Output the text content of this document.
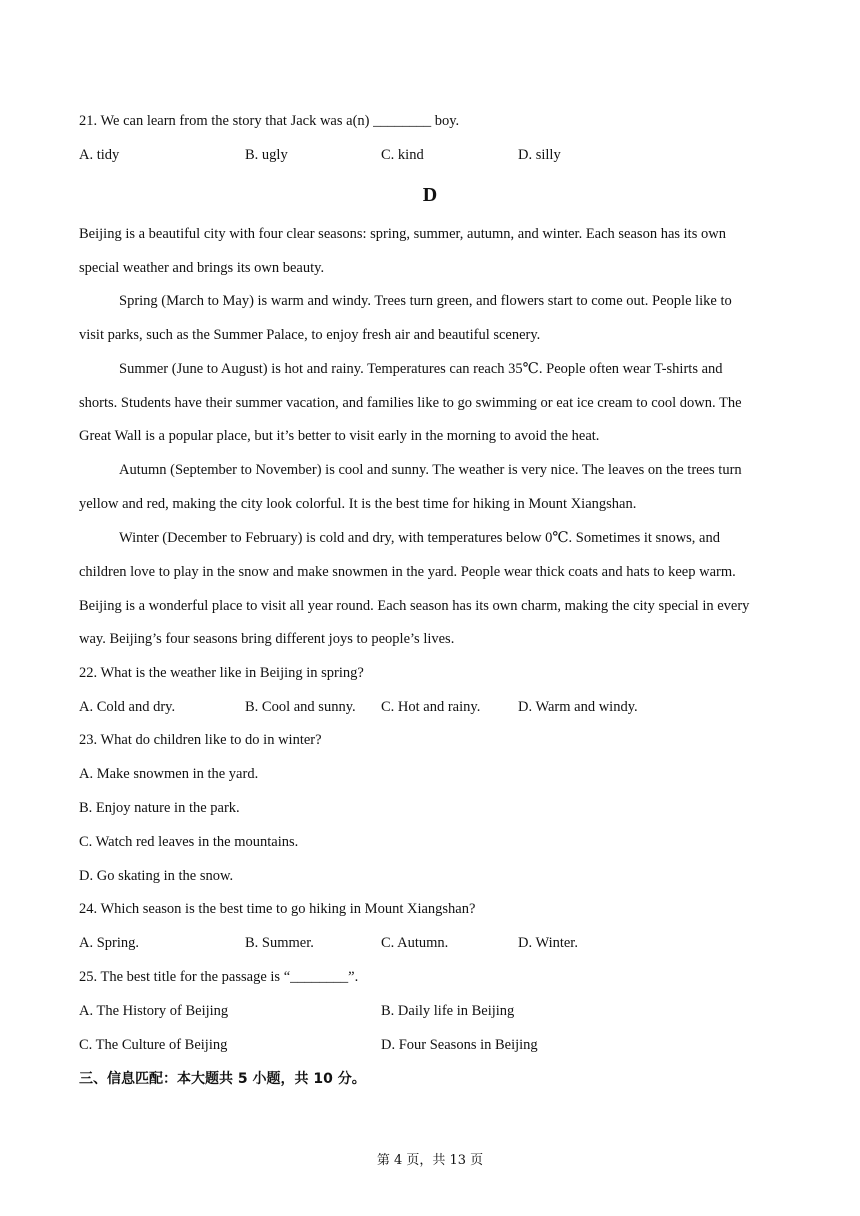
21. We can learn from the story that Jack was a(n) ________ boy.
A. tidy	B. ugly	C. kind	D. silly
D
Beijing is a beautiful city with four clear seasons: spring, summer, autumn, and winter. Each season has its own
special weather and brings its own beauty.
Spring (March to May) is warm and windy. Trees turn green, and flowers start to come out. People like to
visit parks, such as the Summer Palace, to enjoy fresh air and beautiful scenery.
Summer (June to August) is hot and rainy. Temperatures can reach 35℃. People often wear T-shirts and
shorts. Students have their summer vacation, and families like to go swimming or eat ice cream to cool down. The
Great Wall is a popular place, but it’s better to visit early in the morning to avoid the heat.
Autumn (September to November) is cool and sunny. The weather is very nice. The leaves on the trees turn
yellow and red, making the city look colorful. It is the best time for hiking in Mount Xiangshan.
Winter (December to February) is cold and dry, with temperatures below 0℃. Sometimes it snows, and
children love to play in the snow and make snowmen in the yard. People wear thick coats and hats to keep warm.
Beijing is a wonderful place to visit all year round. Each season has its own charm, making the city special in every
way. Beijing’s four seasons bring different joys to people’s lives.
22. What is the weather like in Beijing in spring?
A. Cold and dry.	B. Cool and sunny. C. Hot and rainy.	D. Warm and windy.
23. What do children like to do in winter?
A. Make snowmen in the yard.
B. Enjoy nature in the park.
C. Watch red leaves in the mountains.
D. Go skating in the snow.
24. Which season is the best time to go hiking in Mount Xiangshan?
A. Spring.	B. Summer.	C. Autumn.	D. Winter.
25. The best title for the passage is “________”.
A. The History of Beijing	B. Daily life in Beijing
C. The Culture of Beijing	D. Four Seasons in Beijing
三、信息匹配：本大题共 5 小题，共 10 分。
第 4 页，共 13 页
